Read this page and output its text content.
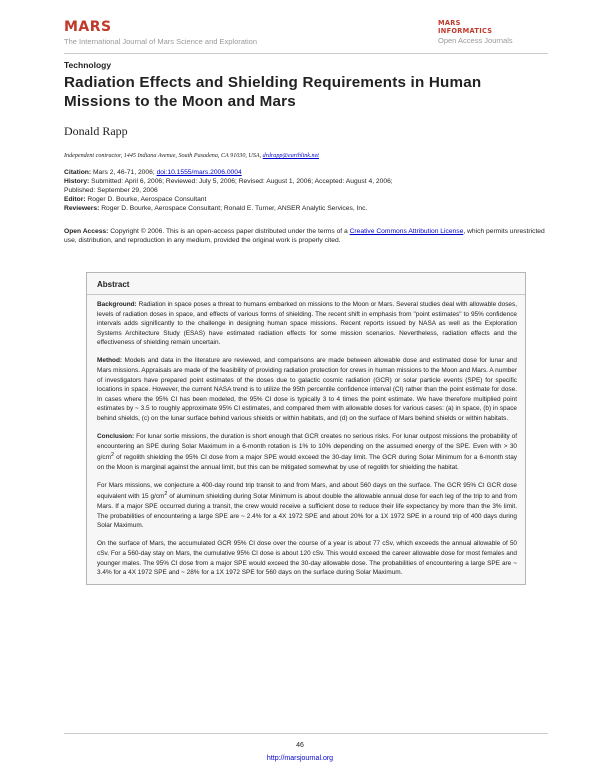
MARS
The International Journal of Mars Science and Exploration
MARS
INFORMATICS
Open Access Journals
Technology
Radiation Effects and Shielding Requirements in Human Missions to the Moon and Mars
Donald Rapp
Independent contractor, 1445 Indiana Avenue, South Pasadena, CA 91030, USA, drdrapp@earthlink.net
Citation: Mars 2, 46-71, 2006; doi:10.1555/mars.2006.0004
History: Submitted: April 6, 2006; Reviewed: July 5, 2006; Revised: August 1, 2006; Accepted: August 4, 2006;
Published: September 29, 2006
Editor: Roger D. Bourke, Aerospace Consultant
Reviewers: Roger D. Bourke, Aerospace Consultant; Ronald E. Turner, ANSER Analytic Services, Inc.
Open Access: Copyright © 2006. This is an open-access paper distributed under the terms of a Creative Commons Attribution License, which permits unrestricted use, distribution, and reproduction in any medium, provided the original work is properly cited.
Abstract

Background: Radiation in space poses a threat to humans embarked on missions to the Moon or Mars. Several studies deal with allowable doses, levels of radiation doses in space, and effects of various forms of shielding. The recent shift in emphasis from "point estimates" to 95% confidence intervals adds significantly to the challenge in designing human space missions. Recent reports issued by NASA as well as the Exploration Systems Architecture Study (ESAS) have estimated radiation effects for some mission scenarios. Nevertheless, radiation effects and the effectiveness of shielding remain uncertain.

Method: Models and data in the literature are reviewed, and comparisons are made between allowable dose and estimated dose for lunar and Mars missions. Appraisals are made of the feasibility of providing radiation protection for crews in human missions to the Moon and Mars. A number of investigators have prepared point estimates of the doses due to galactic cosmic radiation (GCR) or solar particle events (SPE) for specific locations in space. However, the current NASA trend is to utilize the 95th percentile confidence interval (CI) rather than the point estimate for dose. In cases where the 95% CI has been modeled, the 95% CI dose is typically 3 to 4 times the point estimate. We have therefore multiplied point estimates by ~ 3.5 to roughly approximate 95% CI estimates, and compared them with allowable doses for various cases: (a) in space, (b) in space behind shields, (c) on the lunar surface behind various shields or within habitats, and (d) on the surface of Mars behind shields or within habitats.

Conclusion: For lunar sortie missions, the duration is short enough that GCR creates no serious risks. For lunar outpost missions the probability of encountering an SPE during Solar Maximum in a 6-month rotation is 1% to 10% depending on the assumed energy of the SPE. Even with > 30 $g/cm^2$ of regolith shielding the 95% CI dose from a major SPE would exceed the 30-day limit. The GCR during Solar Minimum for a 6-month stay on the Moon is marginal against the annual limit, but this can be mitigated somewhat by use of regolith for shielding the habitat.

For Mars missions, we conjecture a 400-day round trip transit to and from Mars, and about 560 days on the surface. The GCR 95% CI GCR dose equivalent with 15 $g/cm^2$ of aluminum shielding during Solar Minimum is about double the allowable annual dose for each leg of the trip to and from Mars. If a major SPE occurred during a transit, the crew would receive a sufficient dose to reduce their life expectancy by more than the 3% limit. The probabilities of encountering a large SPE are ~ 2.4% for a 4X 1972 SPE and about 20% for a 1X 1972 SPE in a round trip of 400 days during Solar Maximum.

On the surface of Mars, the accumulated GCR 95% CI dose over the course of a year is about 77 cSv, which exceeds the annual allowable of 50 cSv. For a 560-day stay on Mars, the cumulative 95% CI dose is about 120 cSv. This would exceed the career allowable dose for most females and younger males. The 95% CI dose from a major SPE would exceed the 30-day allowable dose. The probabilities of encountering a large SPE are ~ 3.4% for a 4X 1972 SPE and ~ 28% for a 1X 1972 SPE for 560 days on the surface during Solar Maximum.

46
http://marsjournal.org
